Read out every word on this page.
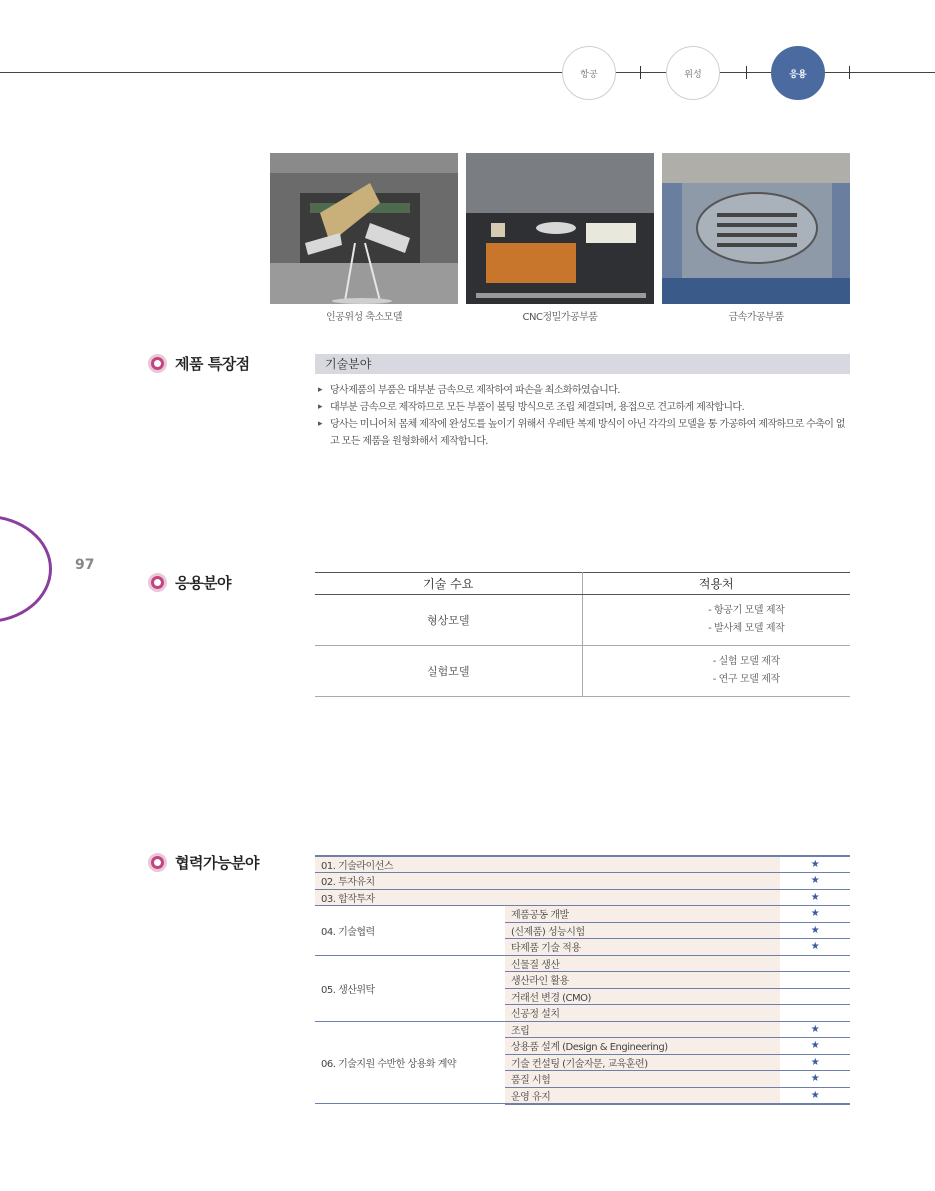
항공	위성	응용
인공위성 축소모델	CNC정밀가공부품	금속가공부품
제품 특장점	기술분야
▸ 당사제품의 부품은 대부분 금속으로 제작하여 파손을 최소화하였습니다.
▸ 대부분 금속으로 제작하므로 모든 부품이 볼팅 방식으로 조립 체결되며, 용접으로 견고하게 제작합니다.
▸ 당사는 미니어처 몸체 제작에 완성도를 높이기 위해서 우레탄 복제 방식이 아닌 각각의 모델을 통 가공하여 제작하므로 수축이 없고 모든 제품을 원형화해서 제작합니다.
97
응용분야	기술 수요	적용처
형상모델	- 항공기 모델 제작
- 발사체 모델 제작

실험모델	- 실험 모델 제작
- 연구 모델 제작
협력가능분야	01. 기술라이선스		★
02. 투자유치		★
03. 합작투자		★
04. 기술협력	제품공동 개발	★
	(신제품) 성능시험	★
	타제품 기술 적용	★
05. 생산위탁	신물질 생산	
	생산라인 활용	
	거래선 변경 (CMO)	
	신공정 설치	
06. 기술지원 수반한 상용화 계약	조립	★
	상용품 설계 (Design & Engineering)	★
	기술 컨설팅 (기술자문, 교육훈련)	★
	품질 시험	★
	운영 유지	★
